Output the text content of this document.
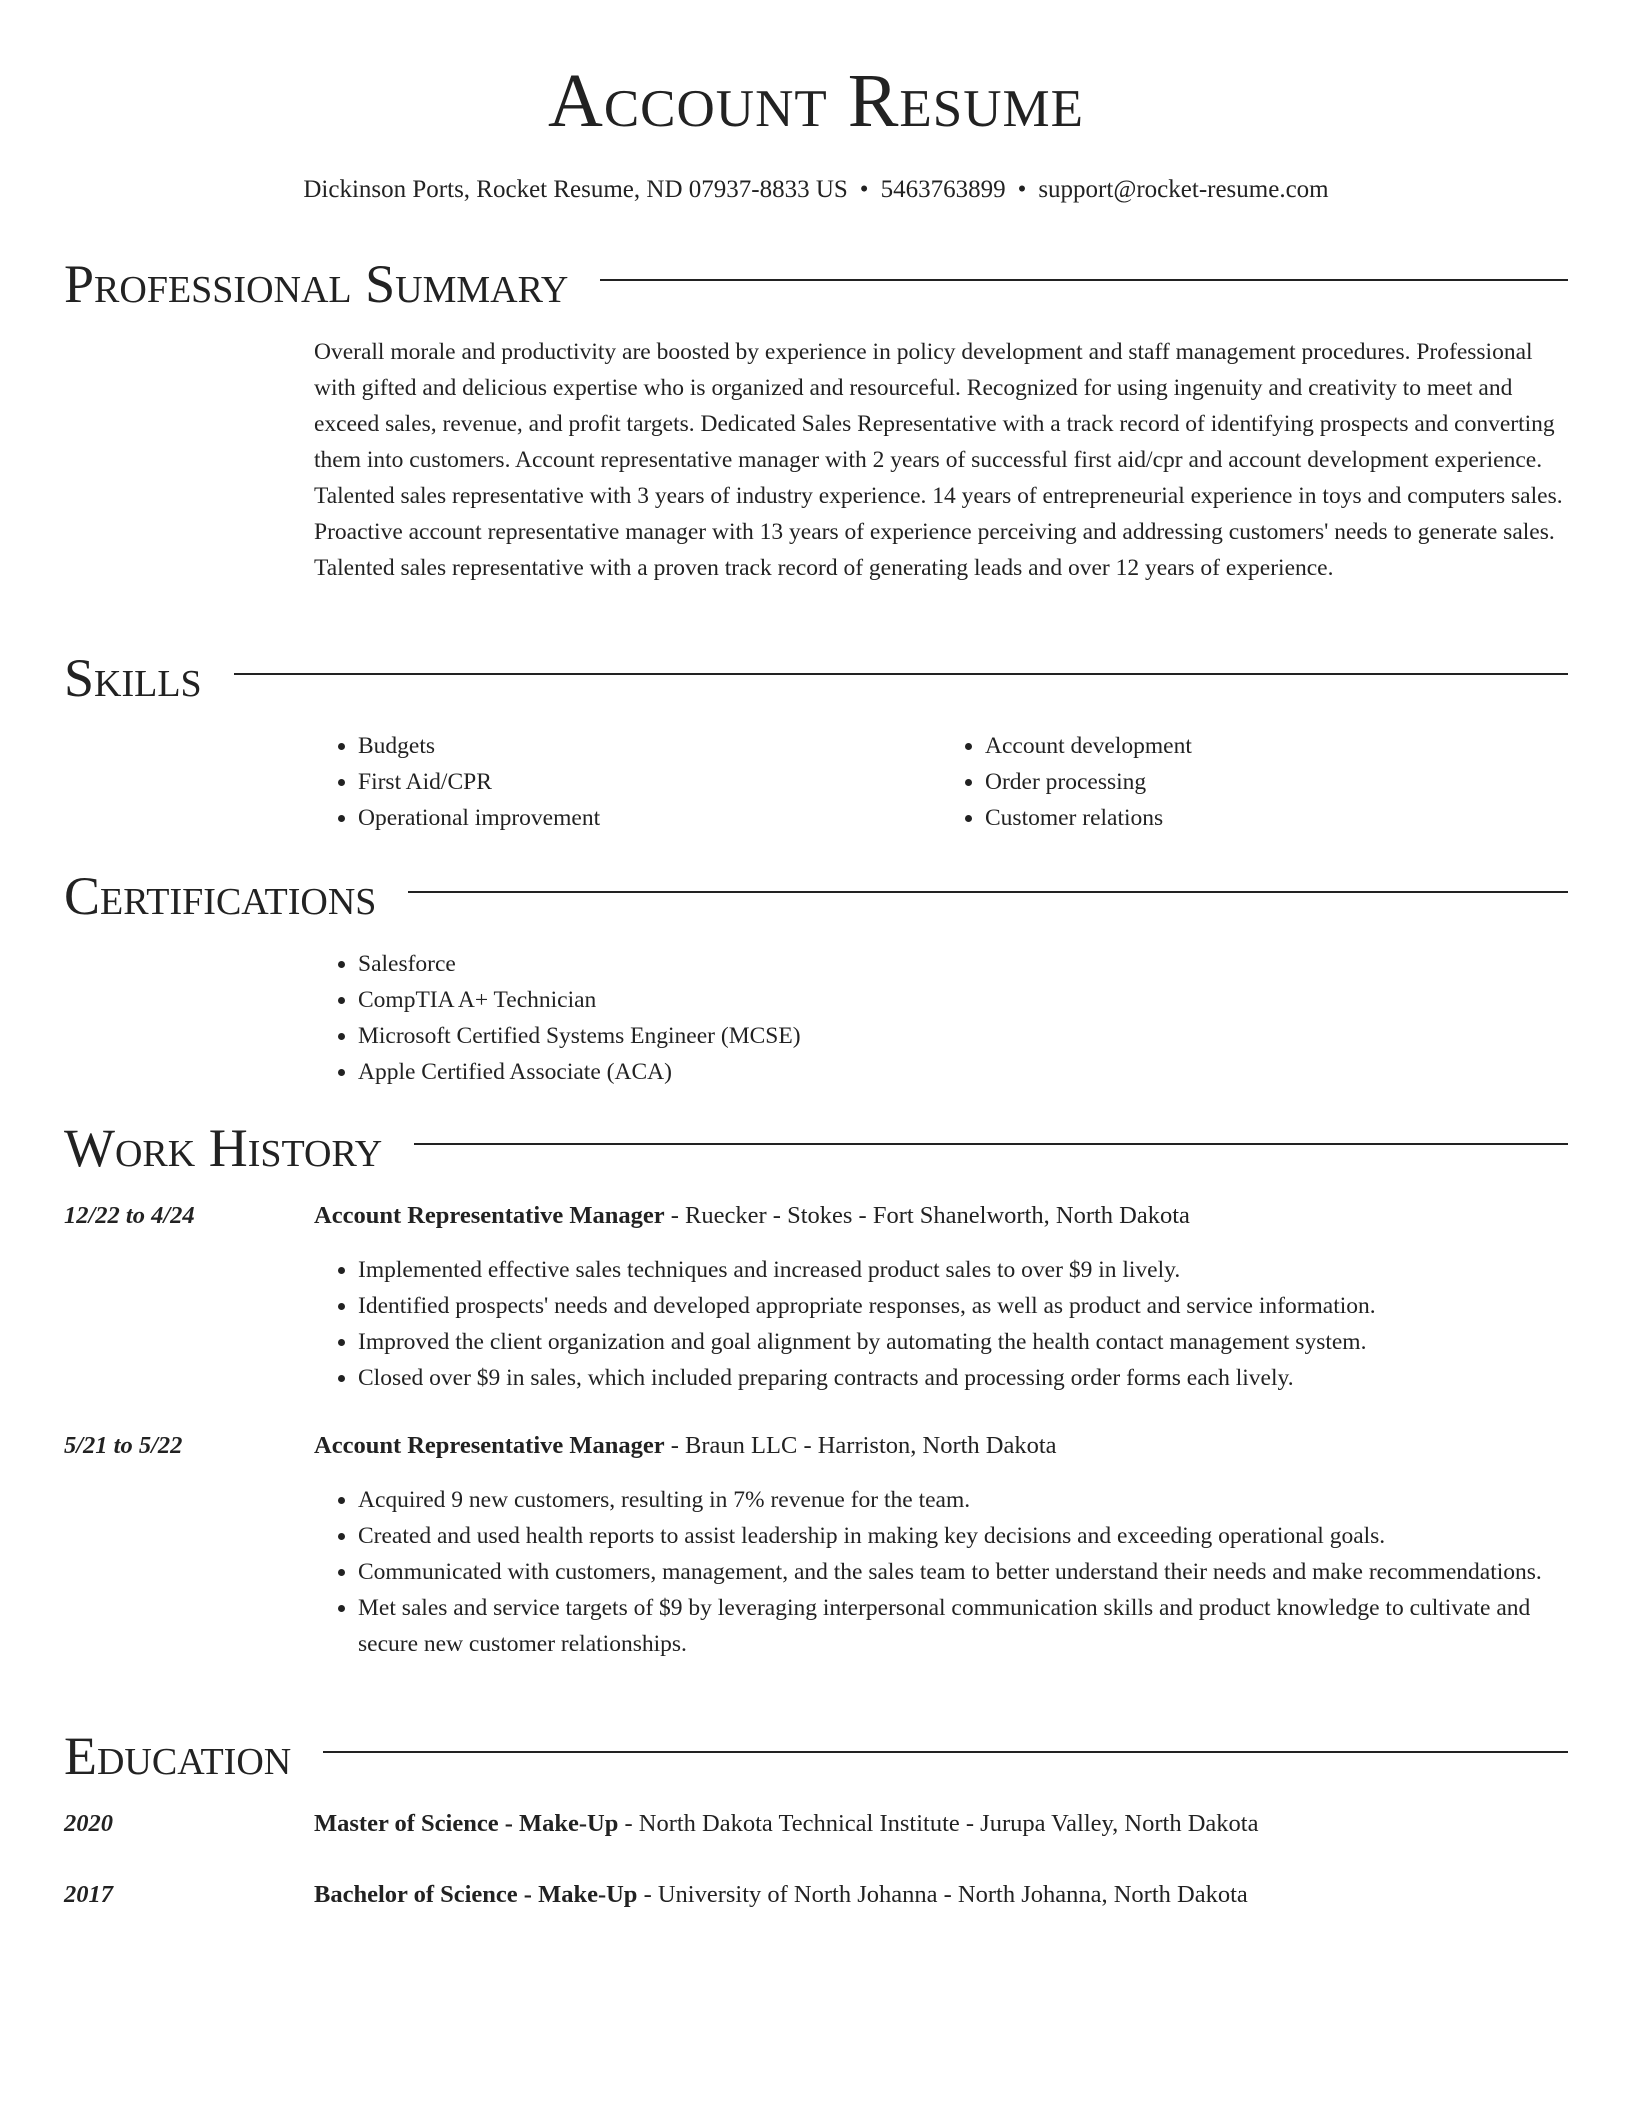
Account Resume
Dickinson Ports, Rocket Resume, ND 07937-8833 US • 5463763899 • support@rocket-resume.com
Professional Summary

Overall morale and productivity are boosted by experience in policy development and staff management procedures. Professional with gifted and delicious expertise who is organized and resourceful. Recognized for using ingenuity and creativity to meet and exceed sales, revenue, and profit targets. Dedicated Sales Representative with a track record of identifying prospects and converting them into customers. Account representative manager with 2 years of successful first aid/cpr and account development experience. Talented sales representative with 3 years of industry experience. 14 years of entrepreneurial experience in toys and computers sales. Proactive account representative manager with 13 years of experience perceiving and addressing customers' needs to generate sales. Talented sales representative with a proven track record of generating leads and over 12 years of experience.

Skills
• Budgets
• First Aid/CPR
• Operational improvement
• Account development
• Order processing
• Customer relations
Certifications
• Salesforce
• CompTIA A+ Technician
• Microsoft Certified Systems Engineer (MCSE)
• Apple Certified Associate (ACA)
Work History
12/22 to 4/24	Account Representative Manager - Ruecker - Stokes - Fort Shanelworth, North Dakota
• Implemented effective sales techniques and increased product sales to over $9 in lively.
• Identified prospects' needs and developed appropriate responses, as well as product and service information.
• Improved the client organization and goal alignment by automating the health contact management system.
• Closed over $9 in sales, which included preparing contracts and processing order forms each lively.
5/21 to 5/22	Account Representative Manager - Braun LLC - Harriston, North Dakota
• Acquired 9 new customers, resulting in 7% revenue for the team.
• Created and used health reports to assist leadership in making key decisions and exceeding operational goals.
• Communicated with customers, management, and the sales team to better understand their needs and make recommendations.
• Met sales and service targets of $9 by leveraging interpersonal communication skills and product knowledge to cultivate and secure new customer relationships.
Education
2020	Master of Science - Make-Up - North Dakota Technical Institute - Jurupa Valley, North Dakota
2017	Bachelor of Science - Make-Up - University of North Johanna - North Johanna, North Dakota
